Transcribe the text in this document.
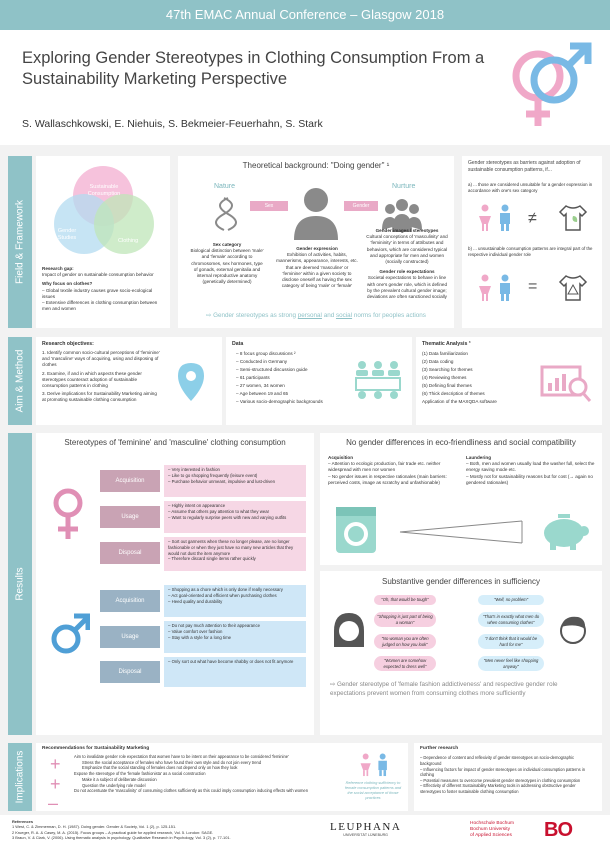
47th EMAC Annual Conference – Glasgow 2018
Exploring Gender Stereotypes in Clothing Consumption From a Sustainability Marketing Perspective
S. Wallaschkowski, E. Niehuis, S. Bekmeier-Feuerhahn, S. Stark
Field & Framework
Aim & Method
Results
Implications
Sustainable Consumption
Gender Studies	Clothing
Research gap:
Impact of gender on sustainable consumption behavior
Why focus on clothes?
– Global textile industry causes grave socio-ecological issues
– Extensive differences in clothing consumption between men and women
Theoretical background: "Doing gender" ¹
Nature	Nurture
Sex	Gender
Sex category
Biological distinction between 'male' and 'female' according to chromosomes, sex hormones, type of gonads, external genitalia and internal reproductive anatomy (genetically determined)
Gender expression
Exhibition of activities, habits, mannerisms, appearance, interests, etc. that are deemed 'masculine' or 'feminine' within a given society to disclose oneself as having the sex category of being 'male' or 'female'
Gender images / stereotypes
Cultural conceptions of 'masculinity' and 'femininity' in terms of attributes and behaviors, which are considered typical and appropriate for men and women (socially constructed)
Gender role expectations
Societal expectations to behave in line with one's gender role, which is defined by the prevalent cultural gender image; deviations are often sanctioned socially
⇨ Gender stereotypes as strong personal and social norms for peoples actions
Gender stereotypes as barriers against adoption of sustainable consumption patterns, if...
a) ... those are considered unsuitable for a gender expression in accordance with one's sex category
≠
b) ... unsustainable consumption patterns are integral part of the respective individual gender role
=
Research objectives:
1. Identify common socio-cultural perceptions of 'feminine' and 'masculine' ways of acquiring, using and disposing of clothes
2. Examine, if and in which aspects these gender stereotypes counteract adoption of sustainable consumption patterns in clothing
3. Derive implications for Sustainability Marketing aiming at promoting sustainable clothing consumption
Data
– 8 focus group discussions ²
– Conducted in Germany
– Semi-structured discussion guide
– 61 participants
– 27 women, 34 women
– Age between 19 and 65
– Various socio-demographic backgrounds
Thematic Analysis ³
(1) Data familiarization
(2) Data coding
(3) Searching for themes
(4) Reviewing themes
(5) Defining final themes
(6) Thick description of themes
Application of the MAXQDA software
Stereotypes of 'feminine' and 'masculine' clothing consumption
Acquisition
– Very interested in fashion
– Like to go shopping frequently (leisure event)
– Purchase behavior unmeant, impulsive and lust-driven
Usage
– Highly intent on appearance
– Assume that others pay attention to what they wear
– Want to regularly surprise peers with new and varying outfits
Disposal
– Sort out garments when these no longer please, are no longer fashionable or when they just have so many new articles that they would not dust the item anymore
– Therefore discard single items rather quickly
Acquisition
– Shopping as a chore which is only done if really necessary
– Act goal-oriented and efficient when purchasing clothes
– Heed quality and durability
Usage
– Do not pay much attention to their appearance
– Value comfort over fashion
– Stay with a style for a long time
Disposal
– Only sort out what have become shabby or does not fit anymore
No gender differences in eco-friendliness and social compatibility
Acquisition
– Attention to ecologic production, fair trade etc. neither widespread with men nor women
– No gender issues in respective rationales (main barriers: perceived costs, image as scratchy and unfashionable)
Laundering
– Both, men and women usually load the washer full, select the energy saving mode etc.
– Mostly not for sustainability reasons but for cost (→ again no gendered rationales)
Substantive gender differences in sufficiency
"Oh, that would be tough"
"Shopping is just part of being a woman"
"No woman you are often judged on how you look"
"Women are somehow expected to dress well"
"Well, no problem"
"That's in exactly what men do when consuming clothes"
"I don't think that it would be hard for me"
"Men never feel like shopping anyway"
⇨ Gender stereotype of 'female fashion addictiveness' and respective gender role expectations prevent women from consuming clothes more sufficiently
Recommendations for Sustainability Marketing
+
+
–
Aim to invalidate gender role expectation that women have to be intent on their appearance to be considered 'feminine'
Stress the social acceptance of females who have found their own style and do not join every trend
Emphasize that the social standing of females does not depend only on how they look
Expose the stereotype of the 'female fashionista' as a social construction
Make it a subject of deliberate discussion
Question the underlying role model
Do not accentuate the 'masculinity' of consuming clothes sufficiently as this could imply consumption inducing effects with women
Reference clothing sufficiency to female consumption patterns and the social acceptance of those practices
Further research
– Dependence of content and reflexivity of gender stereotypes on socio-demographic background
– Influencing factors for impact of gender stereotypes on individual consumption patterns in clothing
– Potential measures to overcome prevalent gender stereotypes in clothing consumption
– Effectivity of different Sustainability Marketing tools in addressing obstructive gender stereotypes to foster sustainable clothing consumption
References
1 West, C. & Zimmerman, D. H. (1987). Doing gender. Gender & Society, Vol. 1 (2), p. 125-151.
2 Krueger, R. A. & Casey, M. A. (2015). Focus groups – A practical guide for applied research, Vol. 5. London: SAGE.
3 Braun, V. & Clark, V. (2006). Using thematic analysis in psychology. Qualitative Research in Psychology, Vol. 3 (2), p. 77-101.
LEUPHANA
UNIVERSITÄT LÜNEBURG
Hochschule Bochum
Bochum University
of Applied Sciences BO
